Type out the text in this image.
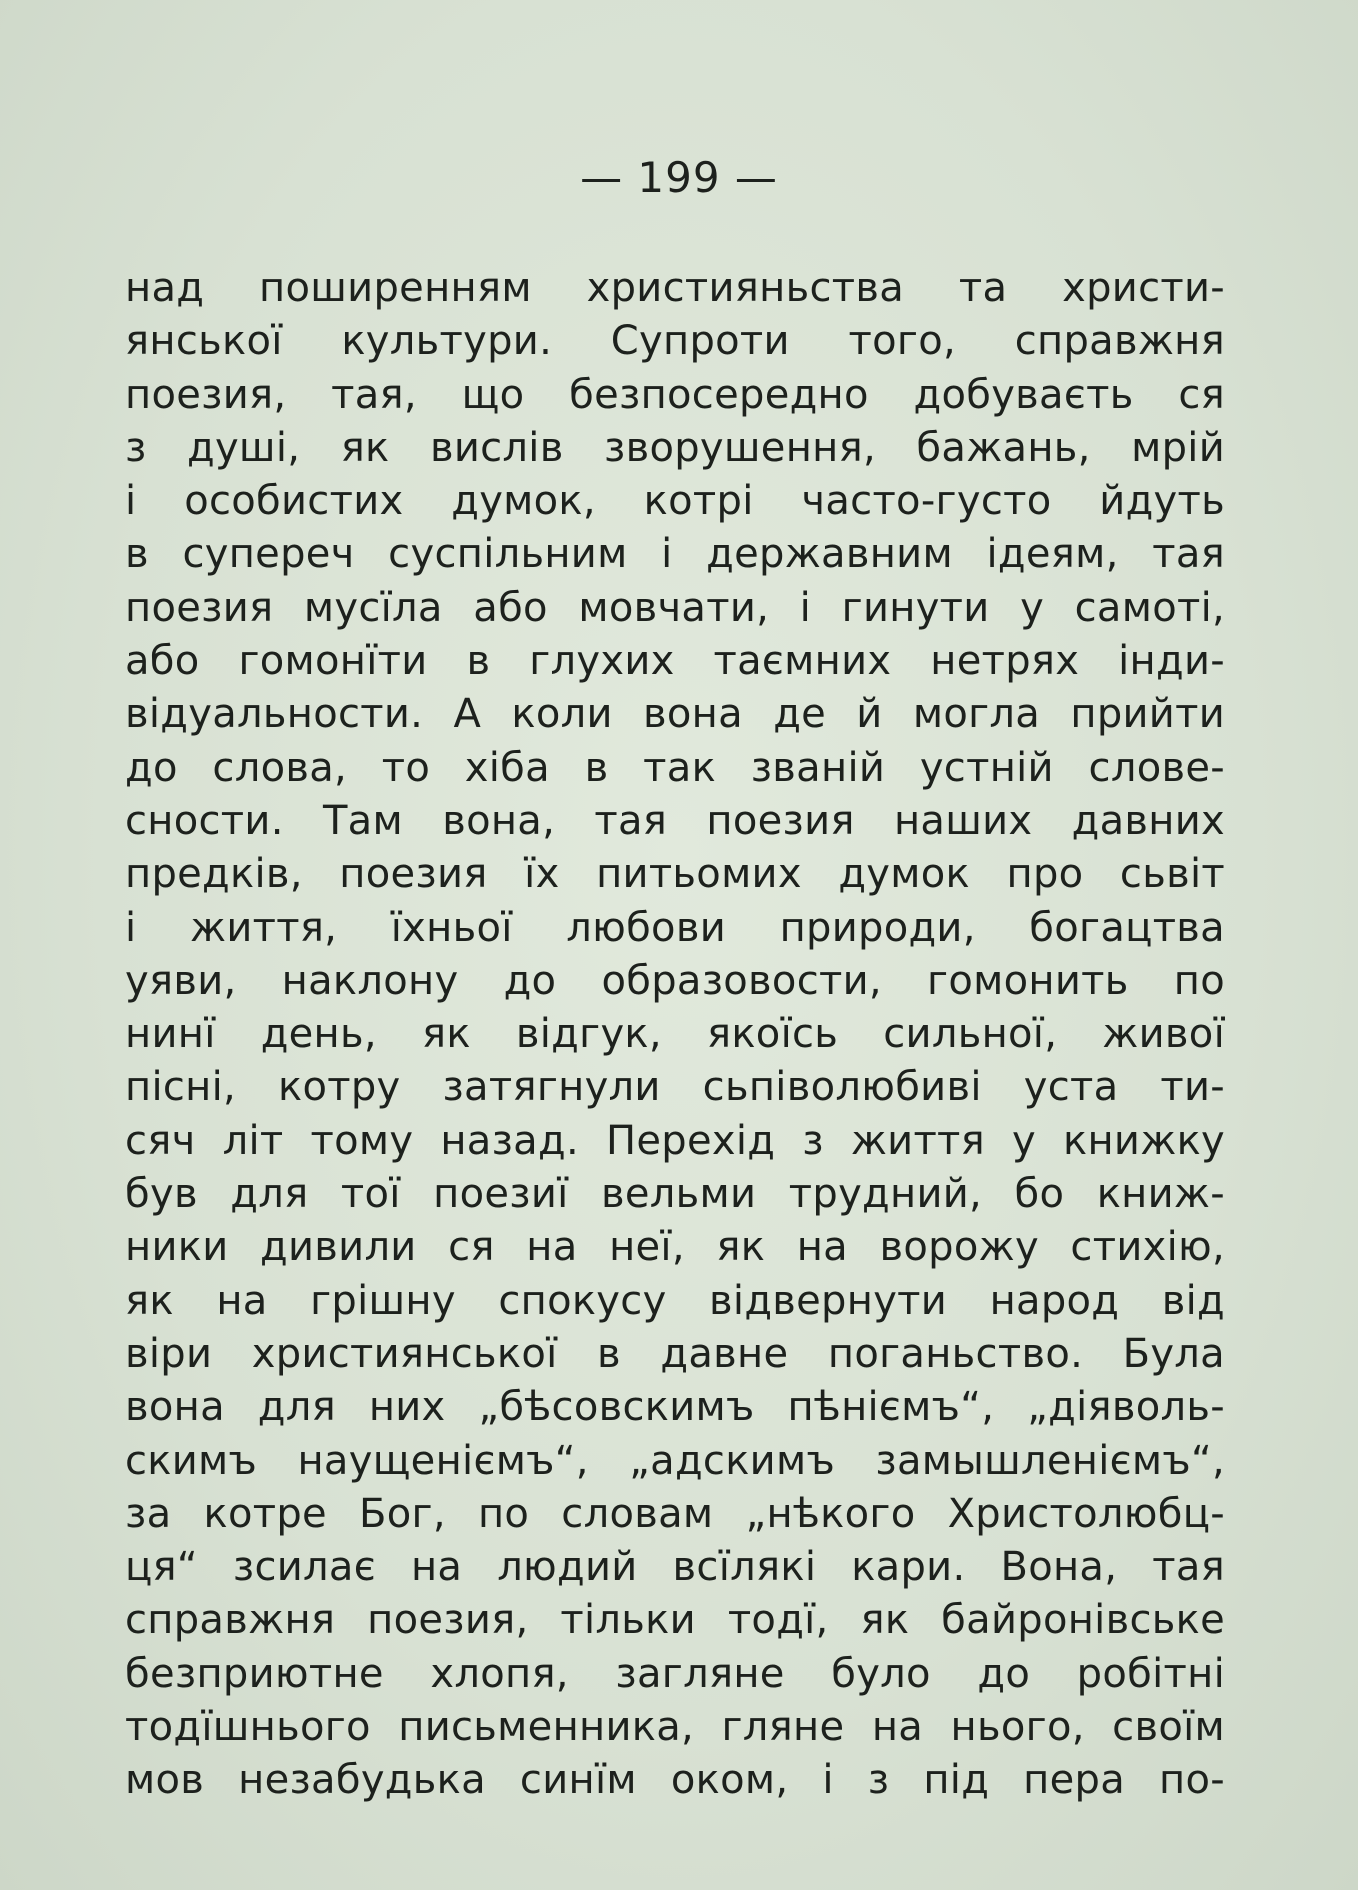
— 199 —
над поширенням християньства та христи-
янської культури. Супроти того, справжня
поезия, тая, що безпосередно добуваєть ся
з душі, як вислів зворушення, бажань, мрій
і особистих думок, котрі часто-густо йдуть
в супереч суспільним і державним ідеям, тая
поезия мусїла або мовчати, і гинути у самоті,
або гомонїти в глухих таємних нетрях інди-
відуальности. А коли вона де й могла прийти
до слова, то хіба в так званій устній слове-
сности. Там вона, тая поезия наших давних
предків, поезия їх питьомих думок про сьвіт
і життя, їхньої любови природи, богацтва
уяви, наклону до образовости, гомонить по
нинї день, як відгук, якоїсь сильної, живої
пісні, котру затягнули сьпіволюбиві уста ти-
сяч літ тому назад. Перехід з життя у книжку
був для тої поезиї вельми трудний, бо книж-
ники дивили ся на неї, як на ворожу стихію,
як на грішну спокусу відвернути народ від
віри християнської в давне поганьство. Була
вона для них „бѣсовскимъ пѣніємъ“, „діяволь-
скимъ наущеніємъ“, „адскимъ замышленіємъ“,
за котре Бог, по словам „нѣкого Христолюбц-
ця“ зсилає на людий всїлякі кари. Вона, тая
справжня поезия, тільки тодї, як байронівське
безприютне хлопя, загляне було до робітні
тодїшнього письменника, гляне на нього, своїм
мов незабудька синїм оком, і з під пера по-
